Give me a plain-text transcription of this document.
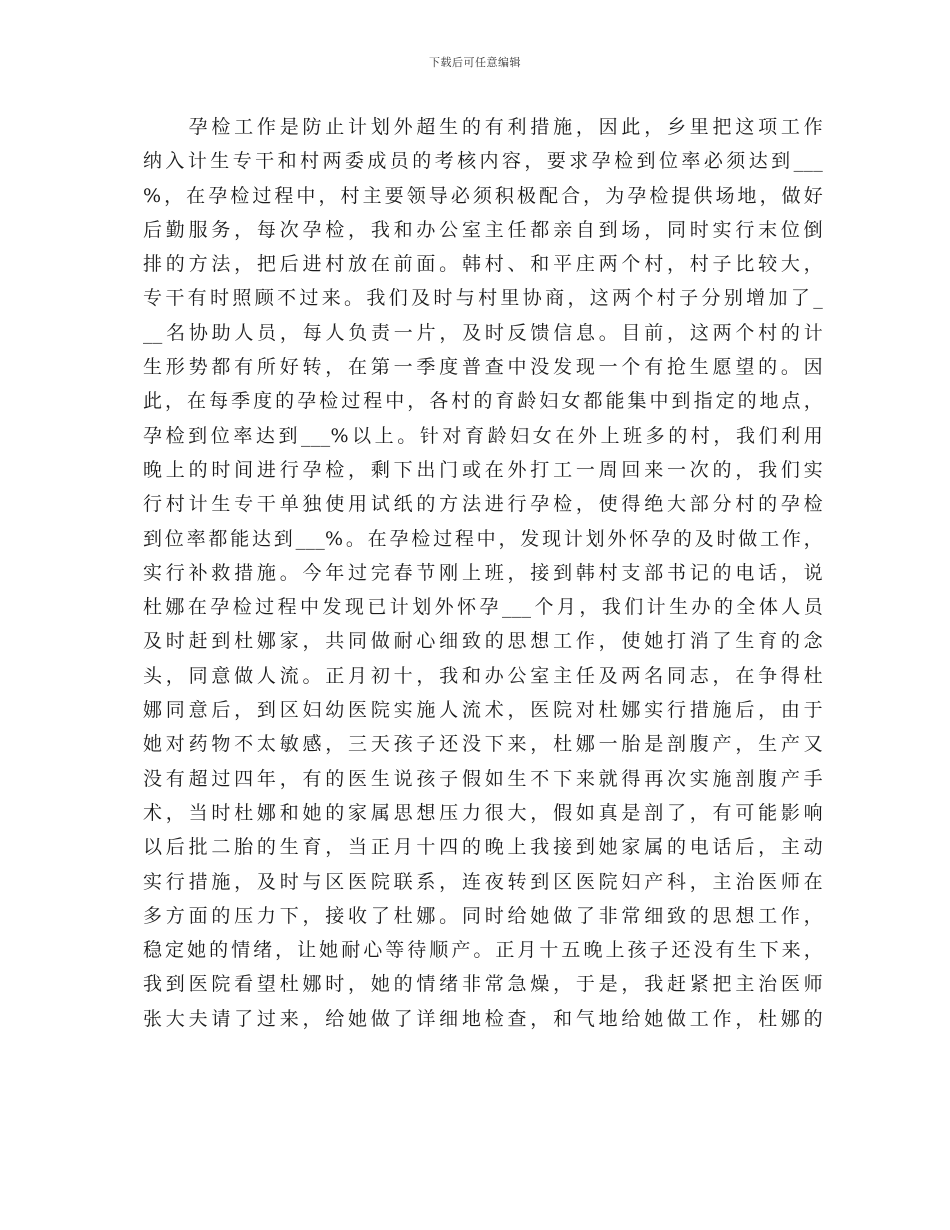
下载后可任意编辑
　　孕检工作是防止计划外超生的有利措施，因此，乡里把这项工作
纳入计生专干和村两委成员的考核内容，要求孕检到位率必须达到___
%，在孕检过程中，村主要领导必须积极配合，为孕检提供场地，做好
后勤服务，每次孕检，我和办公室主任都亲自到场，同时实行末位倒
排的方法，把后进村放在前面。韩村、和平庄两个村，村子比较大，
专干有时照顾不过来。我们及时与村里协商，这两个村子分别增加了_
__名协助人员，每人负责一片，及时反馈信息。目前，这两个村的计
生形势都有所好转，在第一季度普查中没发现一个有抢生愿望的。因
此，在每季度的孕检过程中，各村的育龄妇女都能集中到指定的地点，
孕检到位率达到___%以上。针对育龄妇女在外上班多的村，我们利用
晚上的时间进行孕检，剩下出门或在外打工一周回来一次的，我们实
行村计生专干单独使用试纸的方法进行孕检，使得绝大部分村的孕检
到位率都能达到___%。在孕检过程中，发现计划外怀孕的及时做工作，
实行补救措施。今年过完春节刚上班，接到韩村支部书记的电话，说
杜娜在孕检过程中发现已计划外怀孕___个月，我们计生办的全体人员
及时赶到杜娜家，共同做耐心细致的思想工作，使她打消了生育的念
头，同意做人流。正月初十，我和办公室主任及两名同志，在争得杜
娜同意后，到区妇幼医院实施人流术，医院对杜娜实行措施后，由于
她对药物不太敏感，三天孩子还没下来，杜娜一胎是剖腹产，生产又
没有超过四年，有的医生说孩子假如生不下来就得再次实施剖腹产手
术，当时杜娜和她的家属思想压力很大，假如真是剖了，有可能影响
以后批二胎的生育，当正月十四的晚上我接到她家属的电话后，主动
实行措施，及时与区医院联系，连夜转到区医院妇产科，主治医师在
多方面的压力下，接收了杜娜。同时给她做了非常细致的思想工作，
稳定她的情绪，让她耐心等待顺产。正月十五晚上孩子还没有生下来，
我到医院看望杜娜时，她的情绪非常急燥，于是，我赶紧把主治医师
张大夫请了过来，给她做了详细地检查，和气地给她做工作，杜娜的
